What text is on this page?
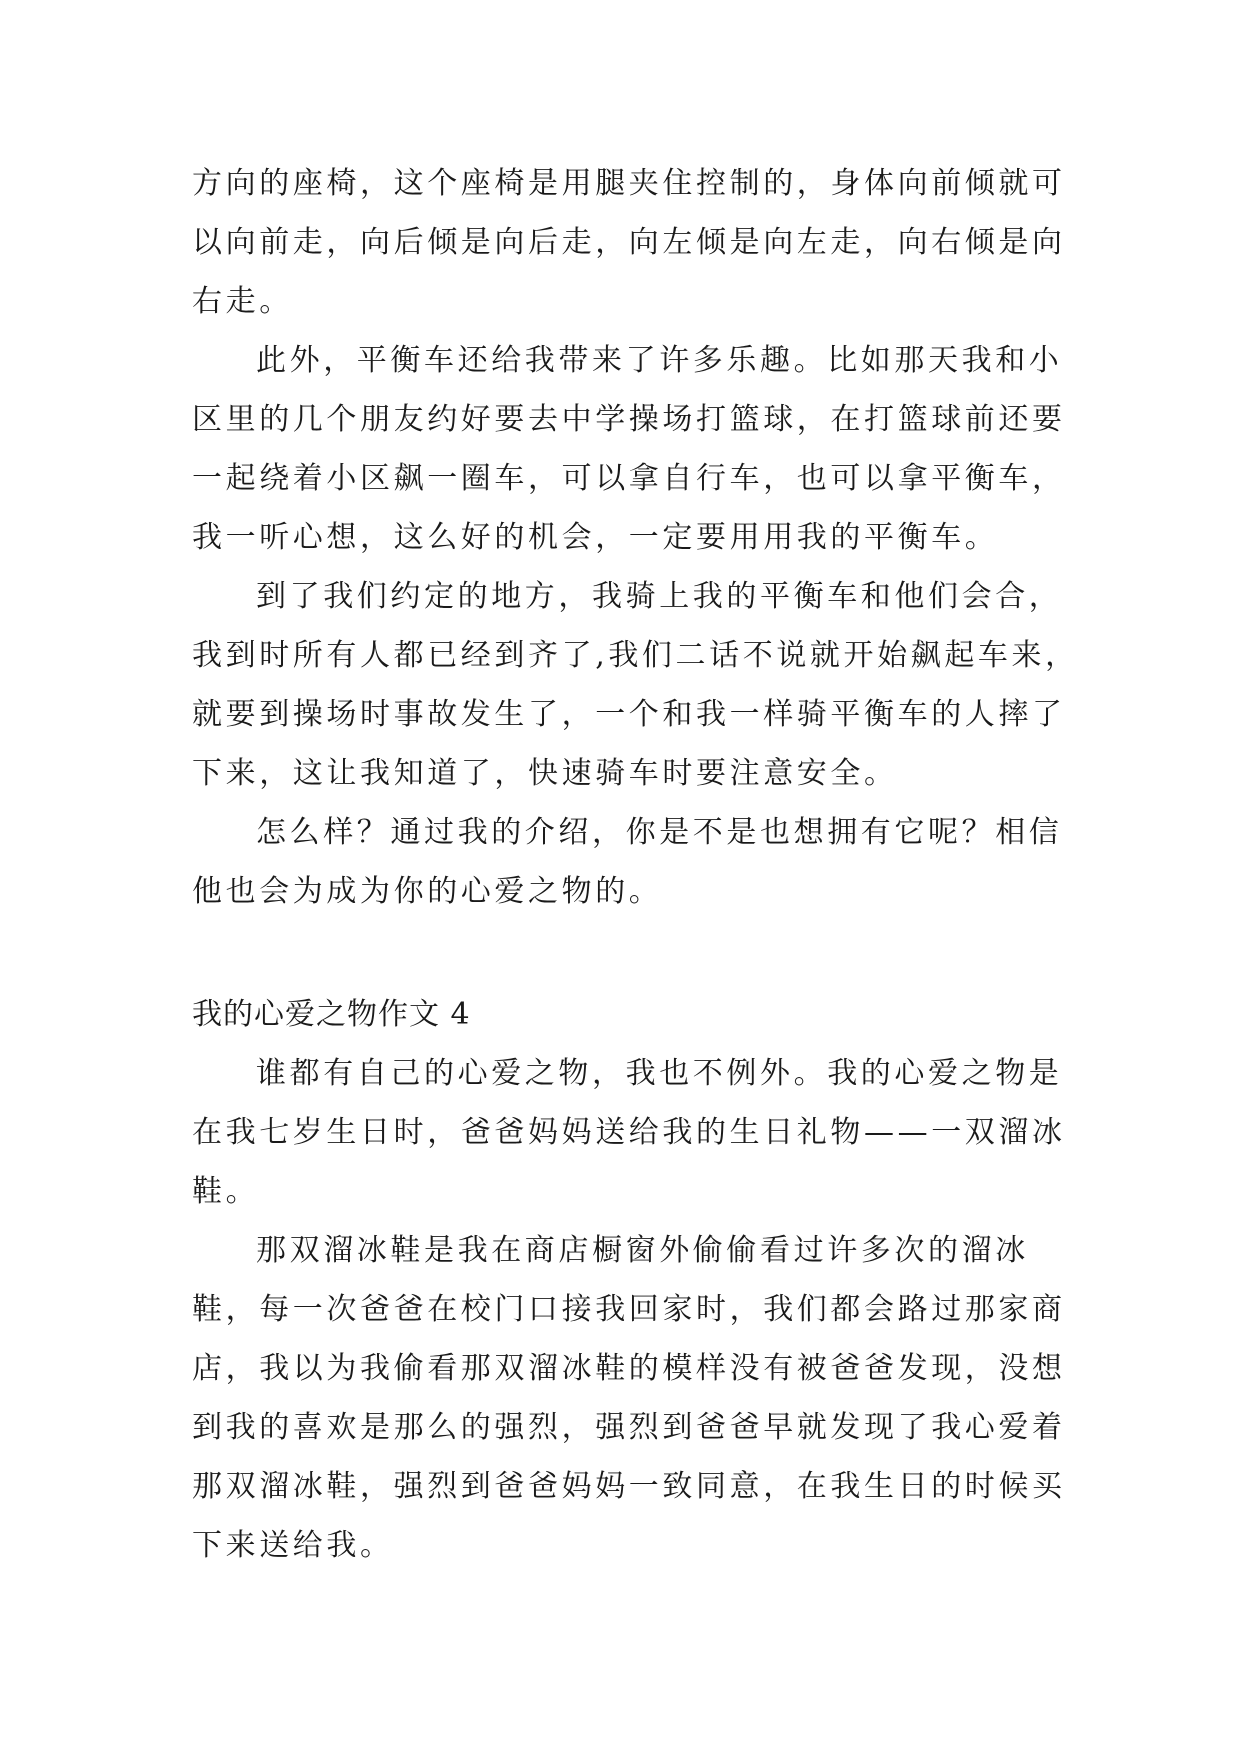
方向的座椅，这个座椅是用腿夹住控制的，身体向前倾就可
以向前走，向后倾是向后走，向左倾是向左走，向右倾是向
右走。
此外，平衡车还给我带来了许多乐趣。比如那天我和小
区里的几个朋友约好要去中学操场打篮球，在打篮球前还要
一起绕着小区飙一圈车，可以拿自行车，也可以拿平衡车，
我一听心想，这么好的机会，一定要用用我的平衡车。
到了我们约定的地方，我骑上我的平衡车和他们会合，
我到时所有人都已经到齐了,我们二话不说就开始飙起车来，
就要到操场时事故发生了，一个和我一样骑平衡车的人摔了
下来，这让我知道了，快速骑车时要注意安全。
怎么样？通过我的介绍，你是不是也想拥有它呢？相信
他也会为成为你的心爱之物的。
我的心爱之物作文 4
谁都有自己的心爱之物，我也不例外。我的心爱之物是
在我七岁生日时，爸爸妈妈送给我的生日礼物——一双溜冰
鞋。
那双溜冰鞋是我在商店橱窗外偷偷看过许多次的溜冰
鞋，每一次爸爸在校门口接我回家时，我们都会路过那家商
店，我以为我偷看那双溜冰鞋的模样没有被爸爸发现，没想
到我的喜欢是那么的强烈，强烈到爸爸早就发现了我心爱着
那双溜冰鞋，强烈到爸爸妈妈一致同意，在我生日的时候买
下来送给我。
